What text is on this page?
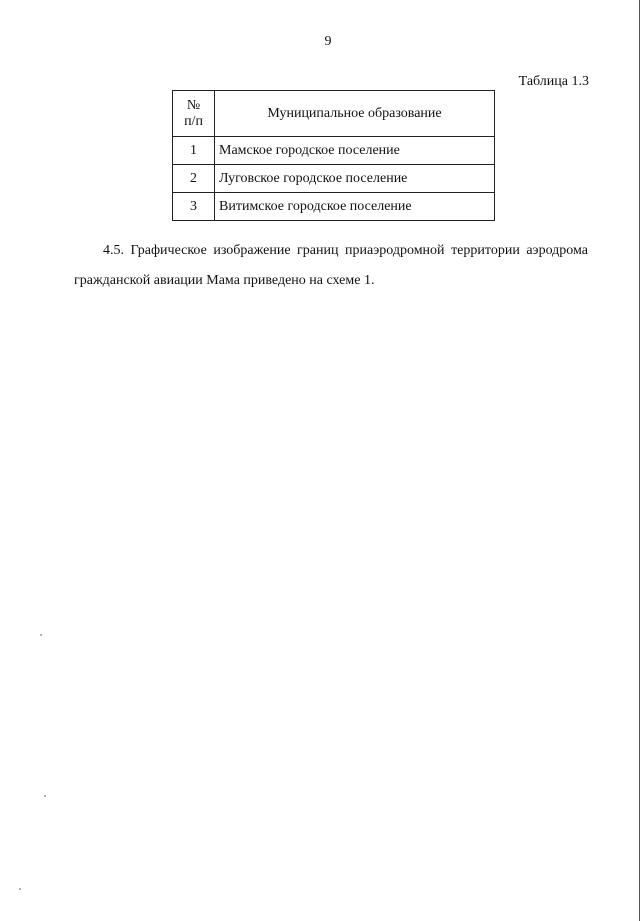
9
Таблица 1.3
№
п/п	Муниципальное образование
1	Мамское городское поселение
2	Луговское городское поселение
3	Витимское городское поселение
4.5. Графическое изображение границ приаэродромной территории аэродрома гражданской авиации Мама приведено на схеме 1.
